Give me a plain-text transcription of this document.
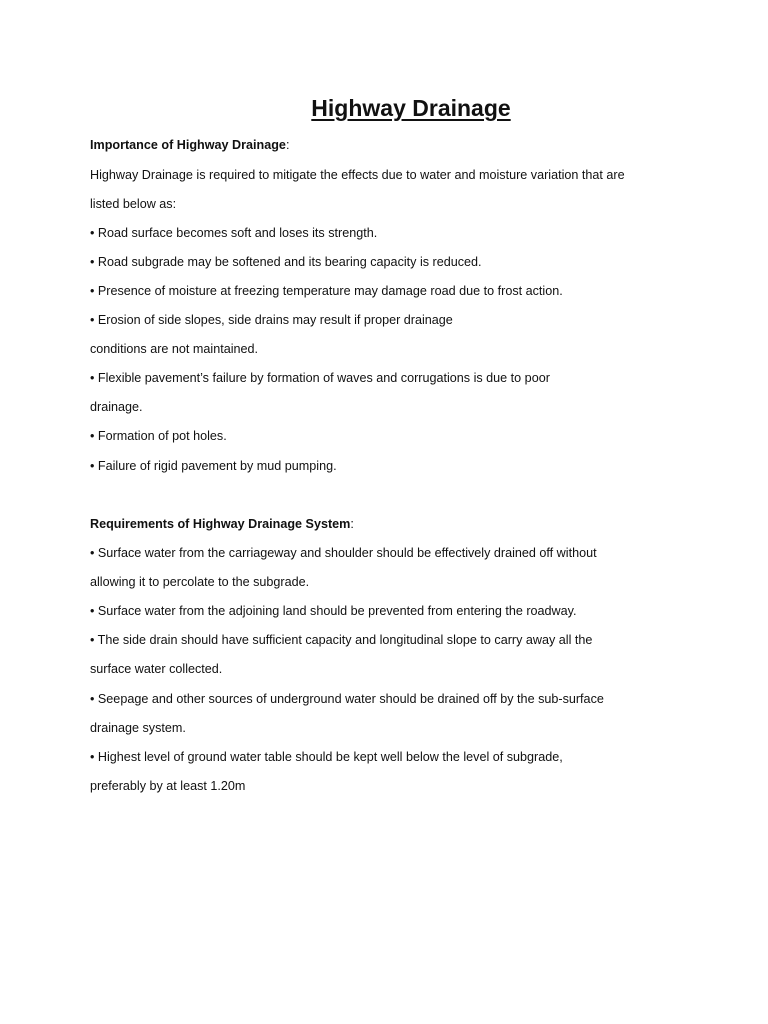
Highway Drainage

Importance of Highway Drainage:

Highway Drainage is required to mitigate the effects due to water and moisture variation that are

listed below as:

• Road surface becomes soft and loses its strength.

• Road subgrade may be softened and its bearing capacity is reduced.

• Presence of moisture at freezing temperature may damage road due to frost action.

• Erosion of side slopes, side drains may result if proper drainage

conditions are not maintained.

• Flexible pavement’s failure by formation of waves and corrugations is due to poor

drainage.

• Formation of pot holes.

• Failure of rigid pavement by mud pumping.

Requirements of Highway Drainage System:

• Surface water from the carriageway and shoulder should be effectively drained off without

allowing it to percolate to the subgrade.

• Surface water from the adjoining land should be prevented from entering the roadway.

• The side drain should have sufficient capacity and longitudinal slope to carry away all the

surface water collected.

• Seepage and other sources of underground water should be drained off by the sub-surface

drainage system.

• Highest level of ground water table should be kept well below the level of subgrade,

preferably by at least 1.20m
